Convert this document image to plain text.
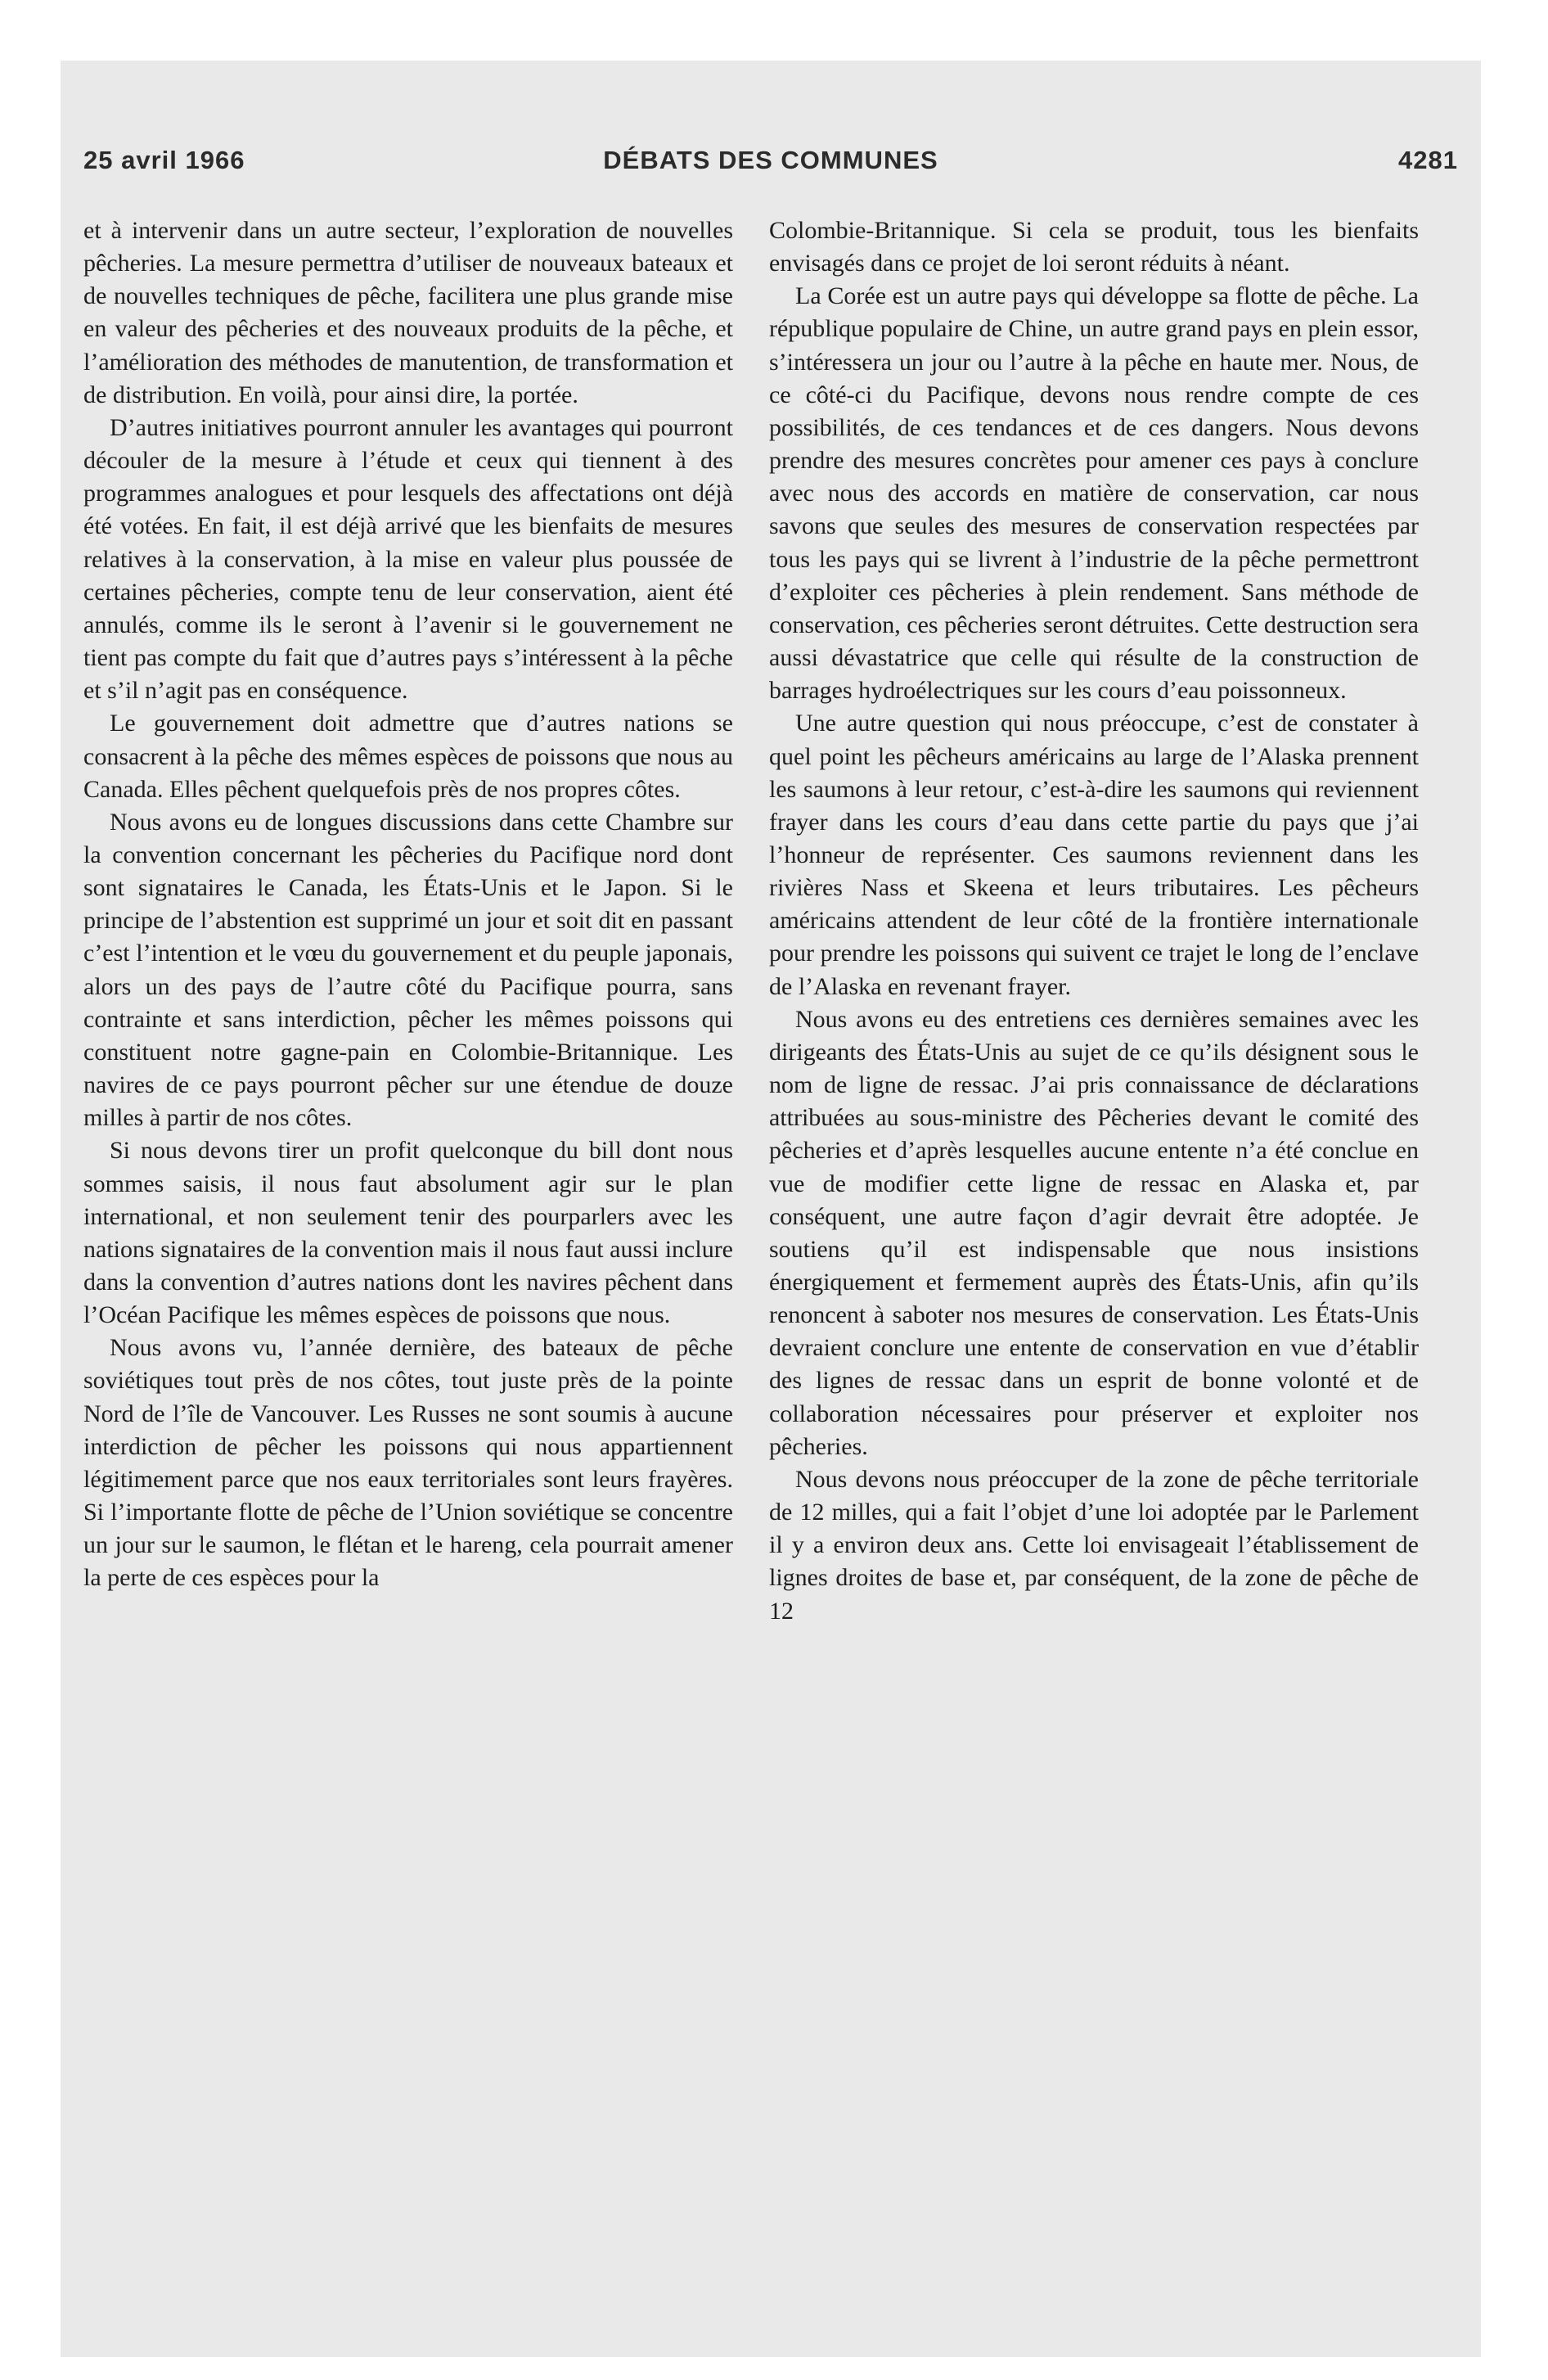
25 avril 1966	DÉBATS DES COMMUNES	4281

et à intervenir dans un autre secteur, l’exploration de nouvelles pêcheries. La mesure permettra d’utiliser de nouveaux bateaux et de nouvelles techniques de pêche, facilitera une plus grande mise en valeur des pêcheries et des nouveaux produits de la pêche, et l’amélioration des méthodes de manutention, de transformation et de distribution. En voilà, pour ainsi dire, la portée.

D’autres initiatives pourront annuler les avantages qui pourront découler de la mesure à l’étude et ceux qui tiennent à des programmes analogues et pour lesquels des affectations ont déjà été votées. En fait, il est déjà arrivé que les bienfaits de mesures relatives à la conservation, à la mise en valeur plus poussée de certaines pêcheries, compte tenu de leur conservation, aient été annulés, comme ils le seront à l’avenir si le gouvernement ne tient pas compte du fait que d’autres pays s’intéressent à la pêche et s’il n’agit pas en conséquence.

Le gouvernement doit admettre que d’autres nations se consacrent à la pêche des mêmes espèces de poissons que nous au Canada. Elles pêchent quelquefois près de nos propres côtes.

Nous avons eu de longues discussions dans cette Chambre sur la convention concernant les pêcheries du Pacifique nord dont sont signataires le Canada, les États-Unis et le Japon. Si le principe de l’abstention est supprimé un jour et soit dit en passant c’est l’intention et le vœu du gouvernement et du peuple japonais, alors un des pays de l’autre côté du Pacifique pourra, sans contrainte et sans interdiction, pêcher les mêmes poissons qui constituent notre gagne-pain en Colombie-Britannique. Les navires de ce pays pourront pêcher sur une étendue de douze milles à partir de nos côtes.

Si nous devons tirer un profit quelconque du bill dont nous sommes saisis, il nous faut absolument agir sur le plan international, et non seulement tenir des pourparlers avec les nations signataires de la convention mais il nous faut aussi inclure dans la convention d’autres nations dont les navires pêchent dans l’Océan Pacifique les mêmes espèces de poissons que nous.

Nous avons vu, l’année dernière, des bateaux de pêche soviétiques tout près de nos côtes, tout juste près de la pointe Nord de l’île de Vancouver. Les Russes ne sont soumis à aucune interdiction de pêcher les poissons qui nous appartiennent légitimement parce que nos eaux territoriales sont leurs frayères. Si l’importante flotte de pêche de l’Union soviétique se concentre un jour sur le saumon, le flétan et le hareng, cela pourrait amener la perte de ces espèces pour la

Colombie-Britannique. Si cela se produit, tous les bienfaits envisagés dans ce projet de loi seront réduits à néant.

La Corée est un autre pays qui développe sa flotte de pêche. La république populaire de Chine, un autre grand pays en plein essor, s’intéressera un jour ou l’autre à la pêche en haute mer. Nous, de ce côté-ci du Pacifique, devons nous rendre compte de ces possibilités, de ces tendances et de ces dangers. Nous devons prendre des mesures concrètes pour amener ces pays à conclure avec nous des accords en matière de conservation, car nous savons que seules des mesures de conservation respectées par tous les pays qui se livrent à l’industrie de la pêche permettront d’exploiter ces pêcheries à plein rendement. Sans méthode de conservation, ces pêcheries seront détruites. Cette destruction sera aussi dévastatrice que celle qui résulte de la construction de barrages hydroélectriques sur les cours d’eau poissonneux.

Une autre question qui nous préoccupe, c’est de constater à quel point les pêcheurs américains au large de l’Alaska prennent les saumons à leur retour, c’est-à-dire les saumons qui reviennent frayer dans les cours d’eau dans cette partie du pays que j’ai l’honneur de représenter. Ces saumons reviennent dans les rivières Nass et Skeena et leurs tributaires. Les pêcheurs américains attendent de leur côté de la frontière internationale pour prendre les poissons qui suivent ce trajet le long de l’enclave de l’Alaska en revenant frayer.

Nous avons eu des entretiens ces dernières semaines avec les dirigeants des États-Unis au sujet de ce qu’ils désignent sous le nom de ligne de ressac. J’ai pris connaissance de déclarations attribuées au sous-ministre des Pêcheries devant le comité des pêcheries et d’après lesquelles aucune entente n’a été conclue en vue de modifier cette ligne de ressac en Alaska et, par conséquent, une autre façon d’agir devrait être adoptée. Je soutiens qu’il est indispensable que nous insistions énergiquement et fermement auprès des États-Unis, afin qu’ils renoncent à saboter nos mesures de conservation. Les États-Unis devraient conclure une entente de conservation en vue d’établir des lignes de ressac dans un esprit de bonne volonté et de collaboration nécessaires pour préserver et exploiter nos pêcheries.

Nous devons nous préoccuper de la zone de pêche territoriale de 12 milles, qui a fait l’objet d’une loi adoptée par le Parlement il y a environ deux ans. Cette loi envisageait l’établissement de lignes droites de base et, par conséquent, de la zone de pêche de 12
